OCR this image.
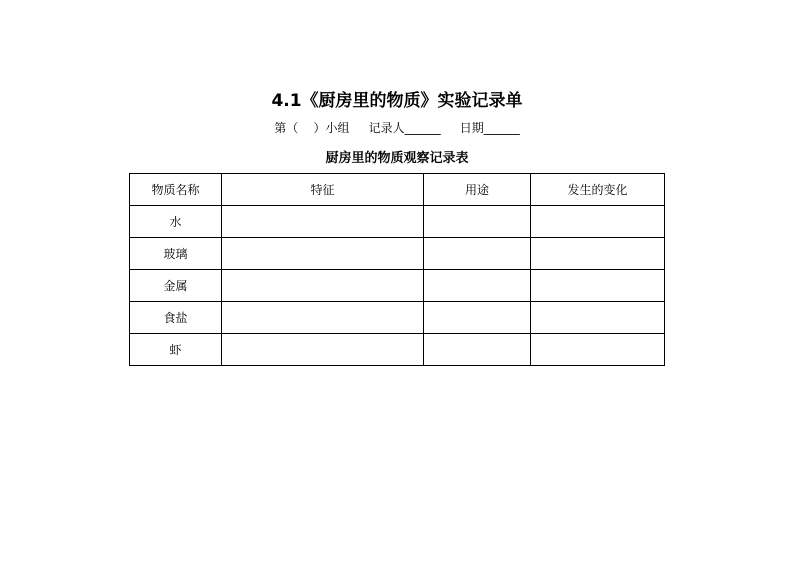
4.1《厨房里的物质》实验记录单
第（    ）小组     记录人______     日期______
厨房里的物质观察记录表
物质名称	特征	用途	发生的变化
水			
玻璃			
金属			
食盐			
虾			
